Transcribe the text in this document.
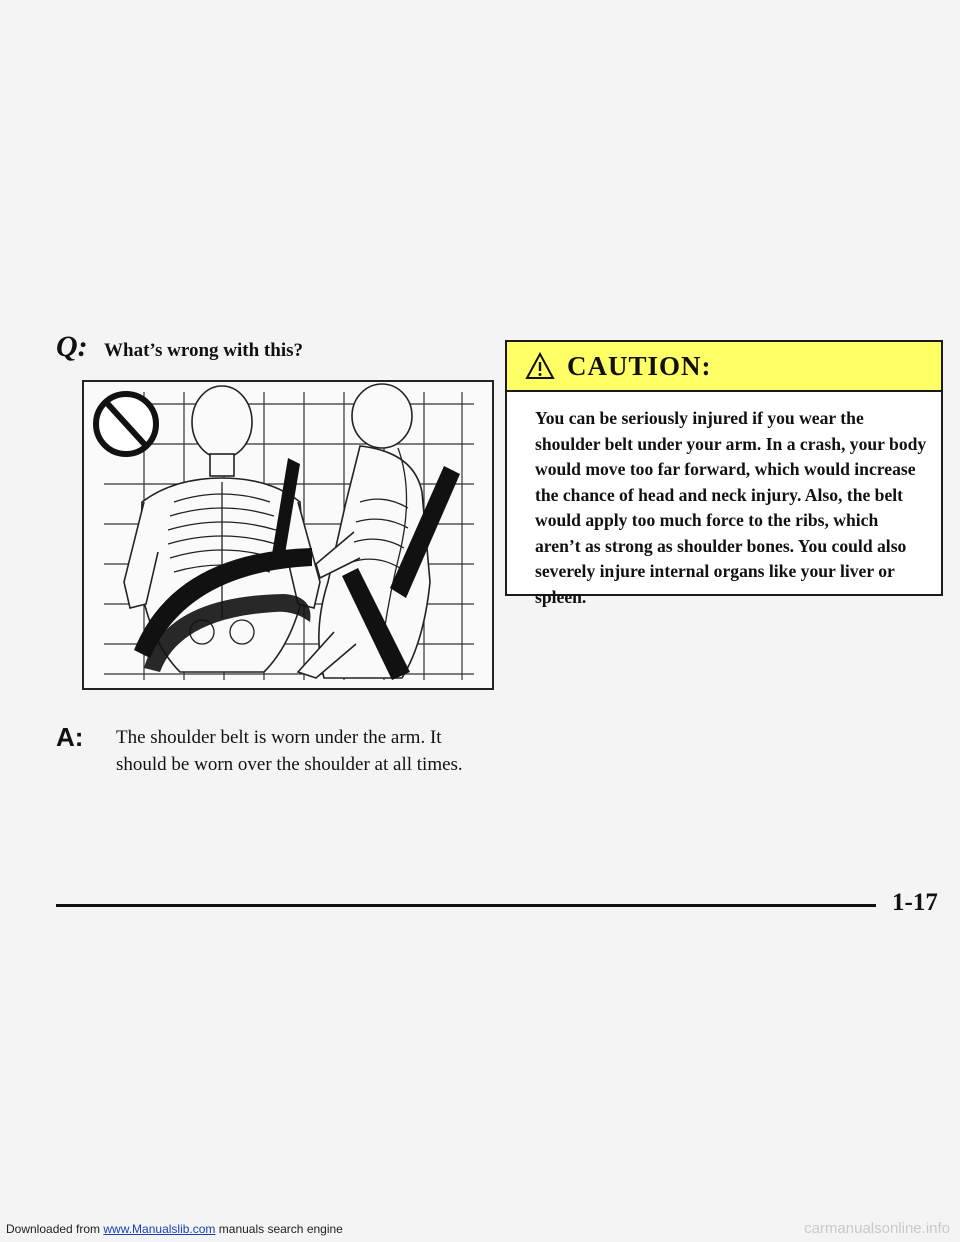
Q: What’s wrong with this?
A:	The shoulder belt is worn under the arm. It should be worn over the shoulder at all times.
CAUTION:
You can be seriously injured if you wear the shoulder belt under your arm. In a crash, your body would move too far forward, which would increase the chance of head and neck injury. Also, the belt would apply too much force to the ribs, which aren’t as strong as shoulder bones. You could also severely injure internal organs like your liver or spleen.
1-17
Downloaded from www.Manualslib.com manuals search engine	carmanualsonline.info
